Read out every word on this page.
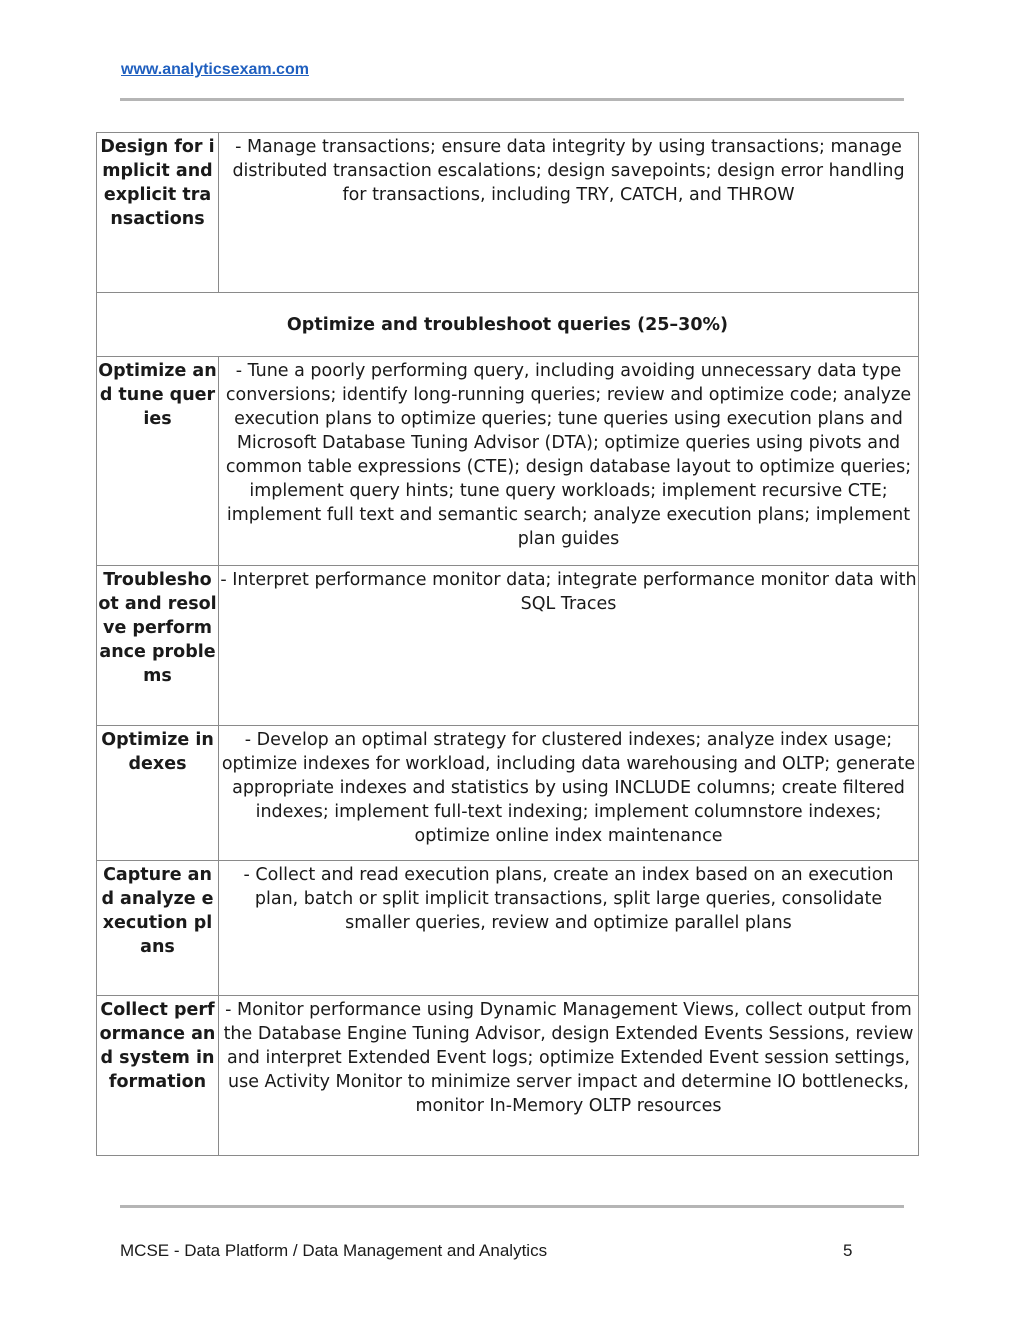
www.analyticsexam.com
Design for implicit and explicit transactions	- Manage transactions; ensure data integrity by using transactions; manage distributed transaction escalations; design savepoints; design error handling for transactions, including TRY, CATCH, and THROW
Optimize and troubleshoot queries (25–30%)	
Optimize and tune queries	- Tune a poorly performing query, including avoiding unnecessary data type conversions; identify long-running queries; review and optimize code; analyze execution plans to optimize queries; tune queries using execution plans and Microsoft Database Tuning Advisor (DTA); optimize queries using pivots and common table expressions (CTE); design database layout to optimize queries; implement query hints; tune query workloads; implement recursive CTE; implement full text and semantic search; analyze execution plans; implement plan guides
Troubleshoot and resolve performance problems	- Interpret performance monitor data; integrate performance monitor data with SQL Traces
Optimize indexes	- Develop an optimal strategy for clustered indexes; analyze index usage; optimize indexes for workload, including data warehousing and OLTP; generate appropriate indexes and statistics by using INCLUDE columns; create filtered indexes; implement full-text indexing; implement columnstore indexes; optimize online index maintenance
Capture and analyze execution plans	- Collect and read execution plans, create an index based on an execution plan, batch or split implicit transactions, split large queries, consolidate smaller queries, review and optimize parallel plans
Collect performance and system information	- Monitor performance using Dynamic Management Views, collect output from the Database Engine Tuning Advisor, design Extended Events Sessions, review and interpret Extended Event logs; optimize Extended Event session settings, use Activity Monitor to minimize server impact and determine IO bottlenecks, monitor In-Memory OLTP resources
MCSE - Data Platform / Data Management and Analytics	5
